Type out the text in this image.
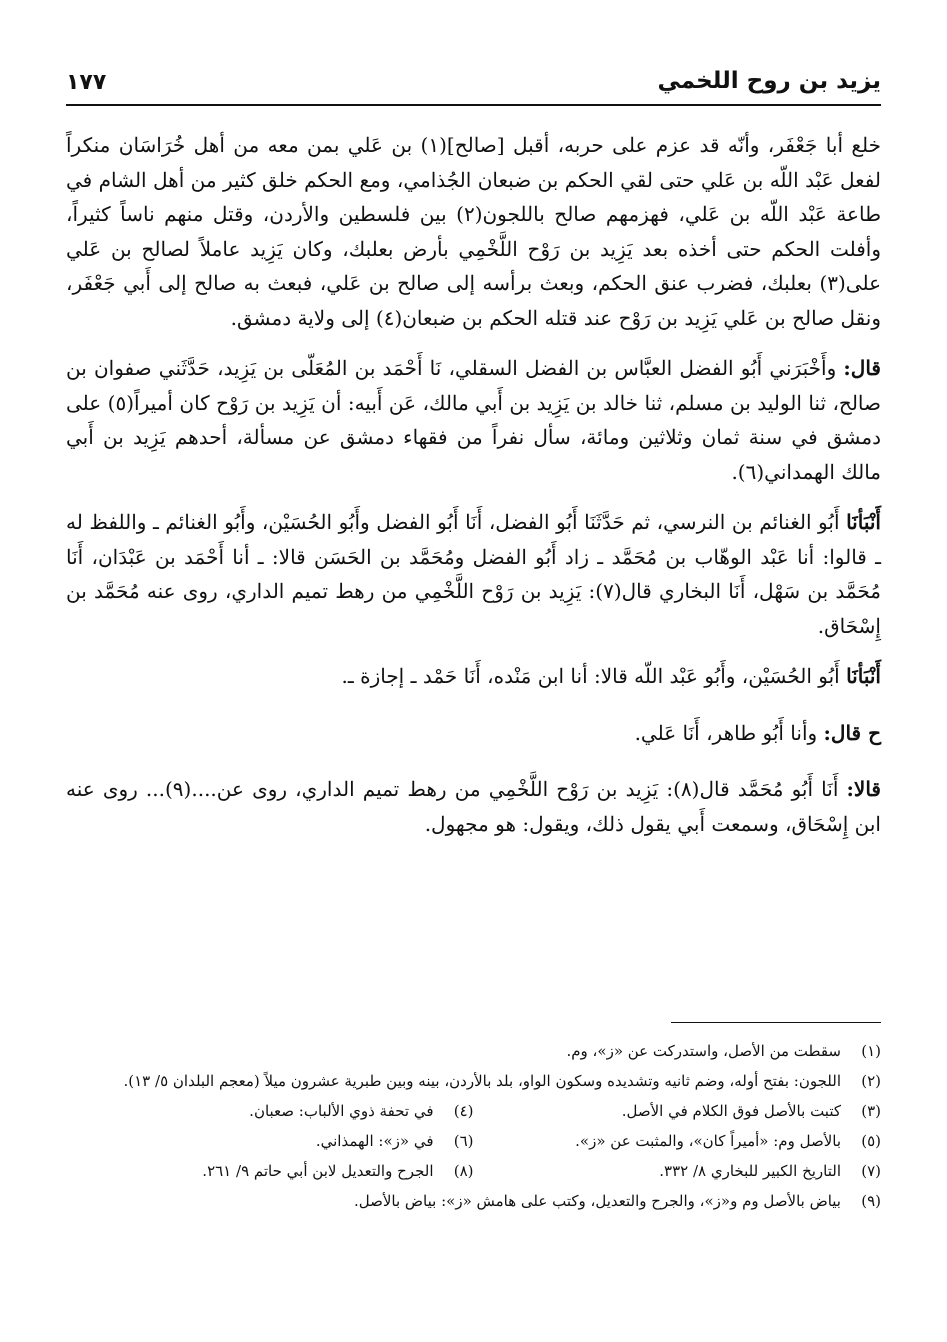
يزيد بن روح اللخمي
١٧٧

خلع أبا جَعْفَر، وأنّه قد عزم على حربه، أقبل [صالح](١) بن عَلي بمن معه من أهل خُرَاسَان منكراً لفعل عَبْد اللّه بن عَلي حتى لقي الحكم بن ضبعان الجُذامي، ومع الحكم خلق كثير من أهل الشام في طاعة عَبْد اللّه بن عَلي، فهزمهم صالح باللجون(٢) بين فلسطين والأردن، وقتل منهم ناساً كثيراً، وأفلت الحكم حتى أخذه بعد يَزِيد بن رَوْح اللَّخْمِي بأرض بعلبك، وكان يَزِيد عاملاً لصالح بن عَلي على(٣) بعلبك، فضرب عنق الحكم، وبعث برأسه إلى صالح بن عَلي، فبعث به صالح إلى أَبي جَعْفَر، ونقل صالح بن عَلي يَزِيد بن رَوْح عند قتله الحكم بن ضبعان(٤) إلى ولاية دمشق.

قال: وأَخْبَرَني أَبُو الفضل العبَّاس بن الفضل السقلي، نَا أَحْمَد بن المُعَلّى بن يَزِيد، حَدَّثَني صفوان بن صالح، ثنا الوليد بن مسلم، ثنا خالد بن يَزِيد بن أَبي مالك، عَن أَبيه: أن يَزِيد بن رَوْح كان أميراً(٥) على دمشق في سنة ثمان وثلاثين ومائة، سأل نفراً من فقهاء دمشق عن مسألة، أحدهم يَزِيد بن أَبي مالك الهمداني(٦).

أَنْبَأنَا أَبُو الغنائم بن النرسي، ثم حَدَّثَنَا أَبُو الفضل، أَنَا أَبُو الفضل وأَبُو الحُسَيْن، وأَبُو الغنائم ـ واللفظ له ـ قالوا: أنا عَبْد الوهّاب بن مُحَمَّد ـ زاد أَبُو الفضل ومُحَمَّد بن الحَسَن قالا: ـ أنا أَحْمَد بن عَبْدَان، أَنَا مُحَمَّد بن سَهْل، أَنَا البخاري قال(٧): يَزِيد بن رَوْح اللَّخْمِي من رهط تميم الداري، روى عنه مُحَمَّد بن إِسْحَاق.

أَنْبَأنَا أَبُو الحُسَيْن، وأَبُو عَبْد اللّه قالا: أنا ابن مَنْده، أَنَا حَمْد ـ إجازة ـ.

ح قال: وأنا أَبُو طاهر، أَنَا عَلي.

قالا: أَنَا أَبُو مُحَمَّد قال(٨): يَزِيد بن رَوْح اللَّخْمِي من رهط تميم الداري، روى عن....(٩)... روى عنه ابن إِسْحَاق، وسمعت أَبي يقول ذلك، ويقول: هو مجهول.

(١)
سقطت من الأصل، واستدركت عن «ز»، وم.
(٢)
اللجون: بفتح أوله، وضم ثانيه وتشديده وسكون الواو، بلد بالأردن، بينه وبين طبرية عشرون ميلاً (معجم البلدان ٥/ ١٣).
(٣)
كتبت بالأصل فوق الكلام في الأصل.
(٤)
في تحفة ذوي الألباب: صعبان.
(٥)
بالأصل وم: «أميراً كان»، والمثبت عن «ز».
(٦)
في «ز»: الهمذاني.
(٧)
التاريخ الكبير للبخاري ٨/ ٣٣٢.
(٨)
الجرح والتعديل لابن أبي حاتم ٩/ ٢٦١.
(٩)
بياض بالأصل وم و«ز»، والجرح والتعديل، وكتب على هامش «ز»: بياض بالأصل.
